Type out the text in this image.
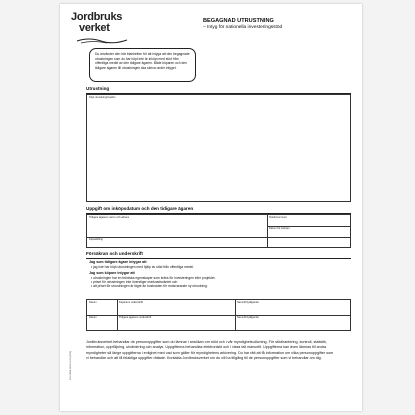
Jordbruks
verket
BEGAGNAD UTRUSTNING
– Intyg för nationella investeringsstöd

Du använder den här blanketten för att intyga att den begagnade utrustningen som du har köpt inte är inköpt med stöd från offentliga medel av den tidigare ägaren. Både köparen och den tidigare ägaren till utrustningen ska skriva under intyget.

Utrustning
Köpt utrustning/maskin
Uppgift om inköpsdatum och den tidigare ägaren
Tidigare ägarens namn och adress	Telefonnummer
Datum för inköpet
Köpeskilling
Försäkran och underskrift
Jag som tidigare ägare intygar att
• jag inte har köpt utrustningen med hjälp av stöd från offentliga medel.
Jag som köpare intygar att
• utrustningen har en tekniska egenskaper som krävs för investeringen eller projektet.
• priset för utrustningen inte överstiger marknadsvärdet och
• att priset för utrustningen är lägre än kostnaden för motsvarande ny utrustning.
Datum	Köparens underskrift	Namnförtydligande
Datum	Tidigare ägarens underskrift	Namnförtydligande

Jordbruksverket behandlar de personuppgifter som du lämnar i ansökan om stöd och i vår myndighetsutövning. För stödhantering, kontroll, statistik, information, uppföljning, utvärdering och analys. Uppgifterna behandlas elektroniskt och i vissa fall manuellt. Uppgifterna kan även lämnas till andra myndigheter så länge uppgifterna i enlighet med vad som gäller för myndighetens arkivering. Du har rätt att få information om vilka personuppgifter som vi behandlar och att få felaktiga uppgifter rättade. Kontakta Jordbruksverket om du vill ha tillgång till de personuppgifter som vi behandlar om dig.

D:16 WEB 2020-01-01 (2020)
